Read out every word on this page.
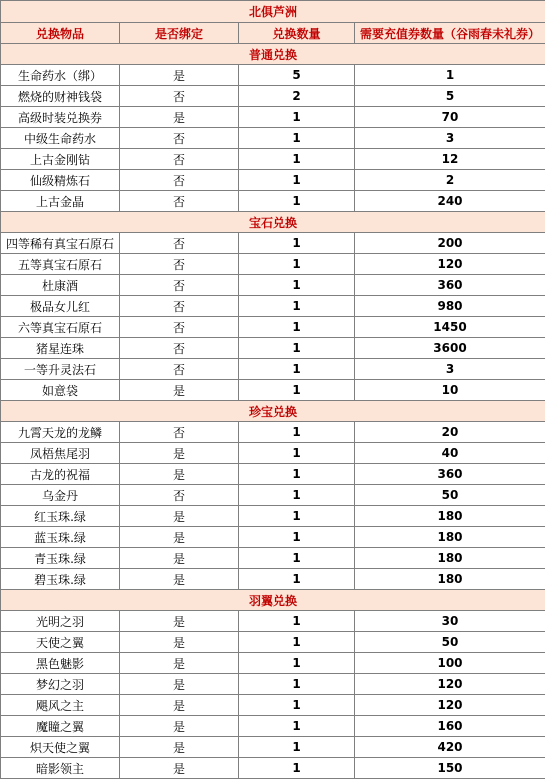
北俱芦洲			
兑换物品	是否绑定	兑换数量	需要充值券数量（谷雨春未礼券）
普通兑换			
生命药水（绑）	是	5	1
燃烧的财神钱袋	否	2	5
高级时装兑换券	是	1	70
中级生命药水	否	1	3
上古金刚钻	否	1	12
仙级精炼石	否	1	2
上古金晶	否	1	240
宝石兑换			
四等稀有真宝石原石	否	1	200
五等真宝石原石	否	1	120
杜康酒	否	1	360
极品女儿红	否	1	980
六等真宝石原石	否	1	1450
猪星连珠	否	1	3600
一等升灵法石	否	1	3
如意袋	是	1	10
珍宝兑换			
九霄天龙的龙鳞	否	1	20
凤梧焦尾羽	是	1	40
古龙的祝福	是	1	360
乌金丹	否	1	50
红玉珠.绿	是	1	180
蓝玉珠.绿	是	1	180
青玉珠.绿	是	1	180
碧玉珠.绿	是	1	180
羽翼兑换			
光明之羽	是	1	30
天使之翼	是	1	50
黑色魅影	是	1	100
梦幻之羽	是	1	120
飓风之主	是	1	120
魔瞳之翼	是	1	160
炽天使之翼	是	1	420
暗影领主	是	1	150
